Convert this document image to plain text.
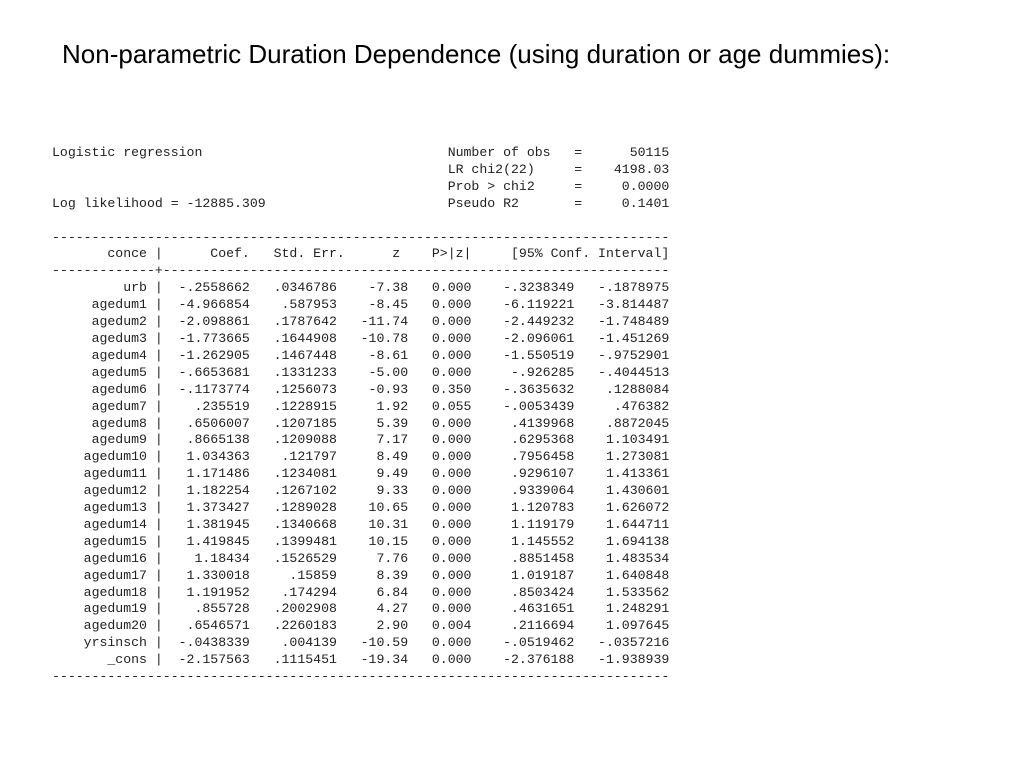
Non-parametric Duration Dependence (using duration or age dummies):
Logistic regression                               Number of obs   =      50115
LR chi2(22)     =    4198.03
Prob > chi2     =     0.0000
Log likelihood = -12885.309                       Pseudo R2       =     0.1401
------------------------------------------------------------------------------
conce |      Coef.   Std. Err.      z    P>|z|     [95% Conf. Interval]
-------------+----------------------------------------------------------------
urb |  -.2558662   .0346786    -7.38   0.000    -.3238349   -.1878975
agedum1 |  -4.966854    .587953    -8.45   0.000    -6.119221   -3.814487
agedum2 |  -2.098861   .1787642   -11.74   0.000    -2.449232   -1.748489
agedum3 |  -1.773665   .1644908   -10.78   0.000    -2.096061   -1.451269
agedum4 |  -1.262905   .1467448    -8.61   0.000    -1.550519   -.9752901
agedum5 |  -.6653681   .1331233    -5.00   0.000     -.926285   -.4044513
agedum6 |  -.1173774   .1256073    -0.93   0.350    -.3635632    .1288084
agedum7 |    .235519   .1228915     1.92   0.055    -.0053439     .476382
agedum8 |   .6506007   .1207185     5.39   0.000     .4139968    .8872045
agedum9 |   .8665138   .1209088     7.17   0.000     .6295368    1.103491
agedum10 |   1.034363    .121797     8.49   0.000     .7956458    1.273081
agedum11 |   1.171486   .1234081     9.49   0.000     .9296107    1.413361
agedum12 |   1.182254   .1267102     9.33   0.000     .9339064    1.430601
agedum13 |   1.373427   .1289028    10.65   0.000     1.120783    1.626072
agedum14 |   1.381945   .1340668    10.31   0.000     1.119179    1.644711
agedum15 |   1.419845   .1399481    10.15   0.000     1.145552    1.694138
agedum16 |    1.18434   .1526529     7.76   0.000     .8851458    1.483534
agedum17 |   1.330018     .15859     8.39   0.000     1.019187    1.640848
agedum18 |   1.191952    .174294     6.84   0.000     .8503424    1.533562
agedum19 |    .855728   .2002908     4.27   0.000     .4631651    1.248291
agedum20 |   .6546571   .2260183     2.90   0.004     .2116694    1.097645
yrsinsch |  -.0438339    .004139   -10.59   0.000    -.0519462   -.0357216
_cons |  -2.157563   .1115451   -19.34   0.000    -2.376188   -1.938939
------------------------------------------------------------------------------
